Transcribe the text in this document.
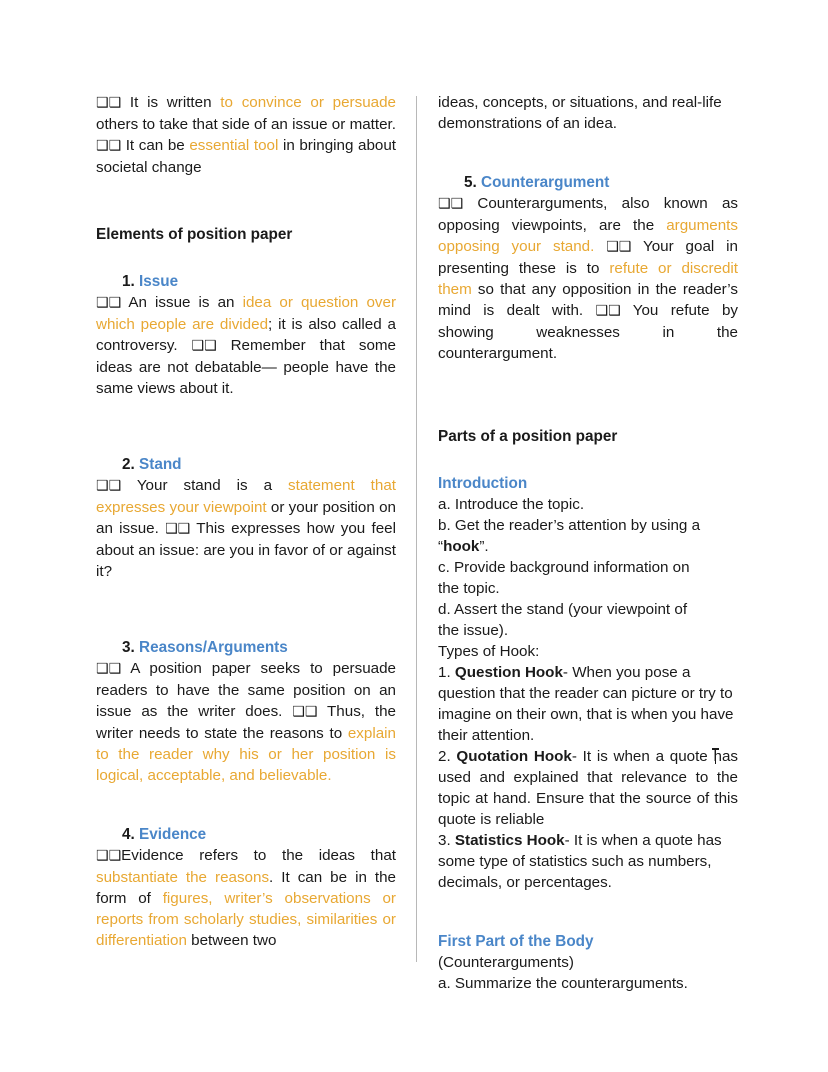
❑ ❑ It is written to convince or persuade others to take that side of an issue or matter. ❑ ❑ It can be essential tool in bringing about societal change

Elements of position paper

1. Issue

❑ ❑ An issue is an idea or question over which people are divided; it is also called a controversy. ❑ ❑ Remember that some ideas are not debatable— people have the same views about it.

2. Stand

❑ ❑ Your stand is a statement that expresses your viewpoint or your position on an issue. ❑ ❑ This expresses how you feel about an issue: are you in favor of or against it?

3. Reasons/Arguments

❑ ❑ A position paper seeks to persuade readers to have the same position on an issue as the writer does. ❑ ❑ Thus, the writer needs to state the reasons to explain to the reader why his or her position is logical, acceptable, and believable.

4. Evidence

❑ ❑Evidence refers to the ideas that substantiate the reasons. It can be in the form of figures, writer’s observations or reports from scholarly studies, similarities or differentiation between two

ideas, concepts, or situations, and real-life demonstrations of an idea.

5. Counterargument

❑ ❑ Counterarguments, also known as opposing viewpoints, are the arguments opposing your stand. ❑ ❑ Your goal in presenting these is to refute or discredit them so that any opposition in the reader’s mind is dealt with. ❑ ❑ You refute by showing weaknesses in the counterargument.

Parts of a position paper

Introduction

a. Introduce the topic.

b. Get the reader’s attention by using a

“hook”.

c. Provide background information on

the topic.

d. Assert the stand (your viewpoint of

the issue).

Types of Hook:

1. Question Hook- When you pose a question that the reader can picture or try to imagine on their own, that is when you have their attention.

2. Quotation Hook- It is when a quote has used and explained that relevance to the topic at hand. Ensure that the source of this quote is reliable

3. Statistics Hook- It is when a quote has some type of statistics such as numbers, decimals, or percentages.

First Part of the Body

(Counterarguments)

a. Summarize the counterarguments.
